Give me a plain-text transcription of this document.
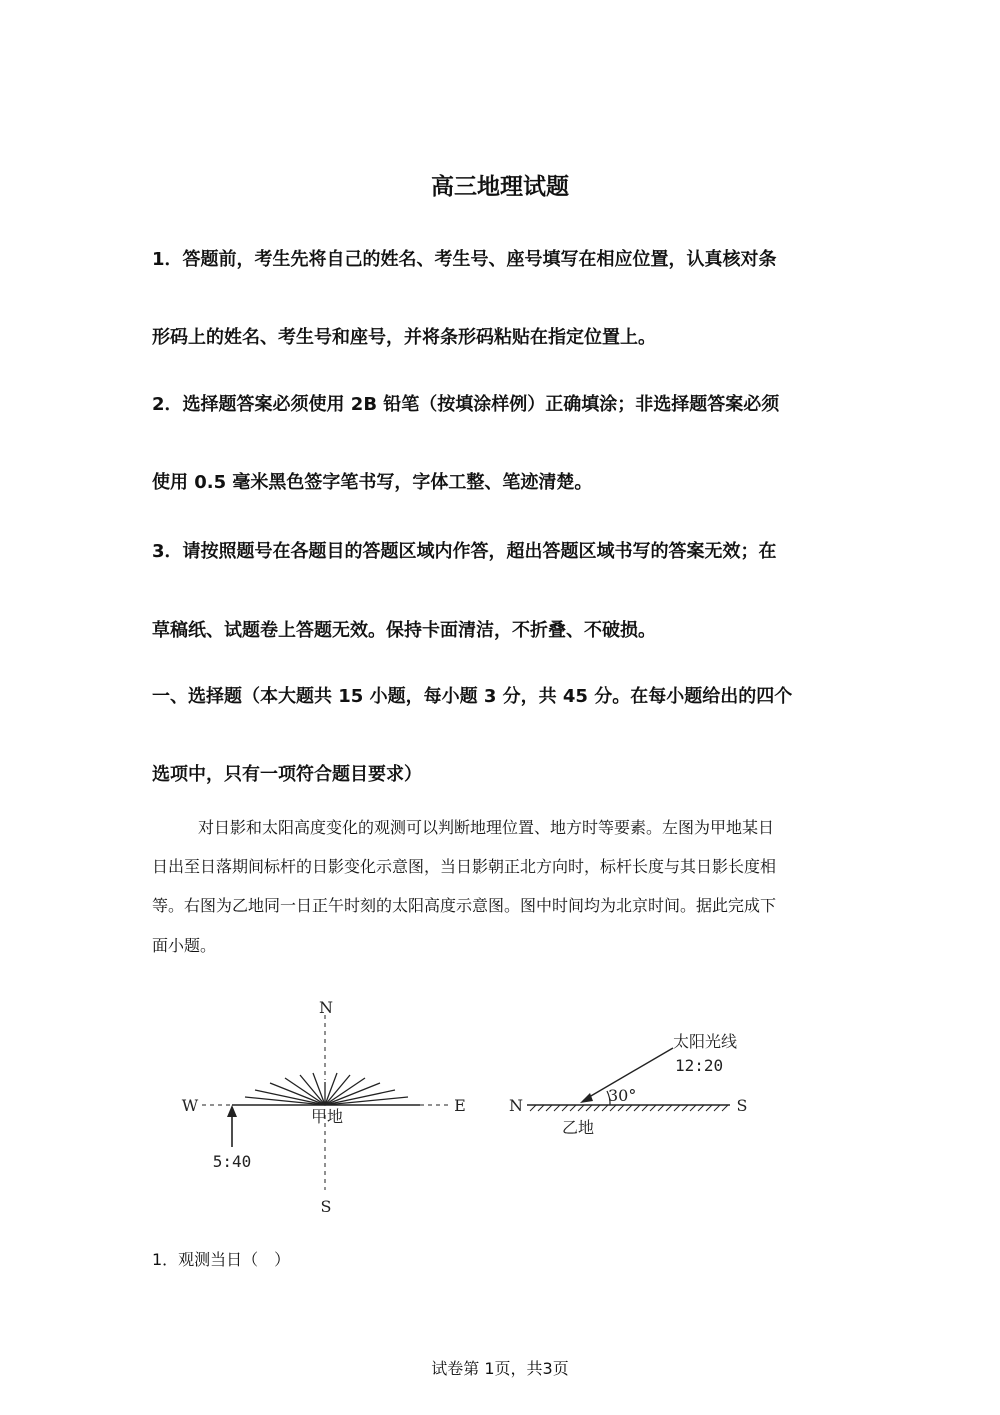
高三地理试题
1．答题前，考生先将自己的姓名、考生号、座号填写在相应位置，认真核对条
形码上的姓名、考生号和座号，并将条形码粘贴在指定位置上。
2．选择题答案必须使用 2B 铅笔（按填涂样例）正确填涂；非选择题答案必须
使用 0.5 毫米黑色签字笔书写，字体工整、笔迹清楚。
3．请按照题号在各题目的答题区域内作答，超出答题区域书写的答案无效；在
草稿纸、试题卷上答题无效。保持卡面清洁，不折叠、不破损。
一、选择题（本大题共 15 小题，每小题 3 分，共 45 分。在每小题给出的四个
选项中，只有一项符合题目要求）
对日影和太阳高度变化的观测可以判断地理位置、地方时等要素。左图为甲地某日
日出至日落期间标杆的日影变化示意图，当日影朝正北方向时，标杆长度与其日影长度相
等。右图为乙地同一日正午时刻的太阳高度示意图。图中时间均为北京时间。据此完成下
面小题。
N
S
W	E
5:40
甲地
N	S
30°
12:20
太阳光线
乙地
1．观测当日（　）
试卷第 1页，共3页
